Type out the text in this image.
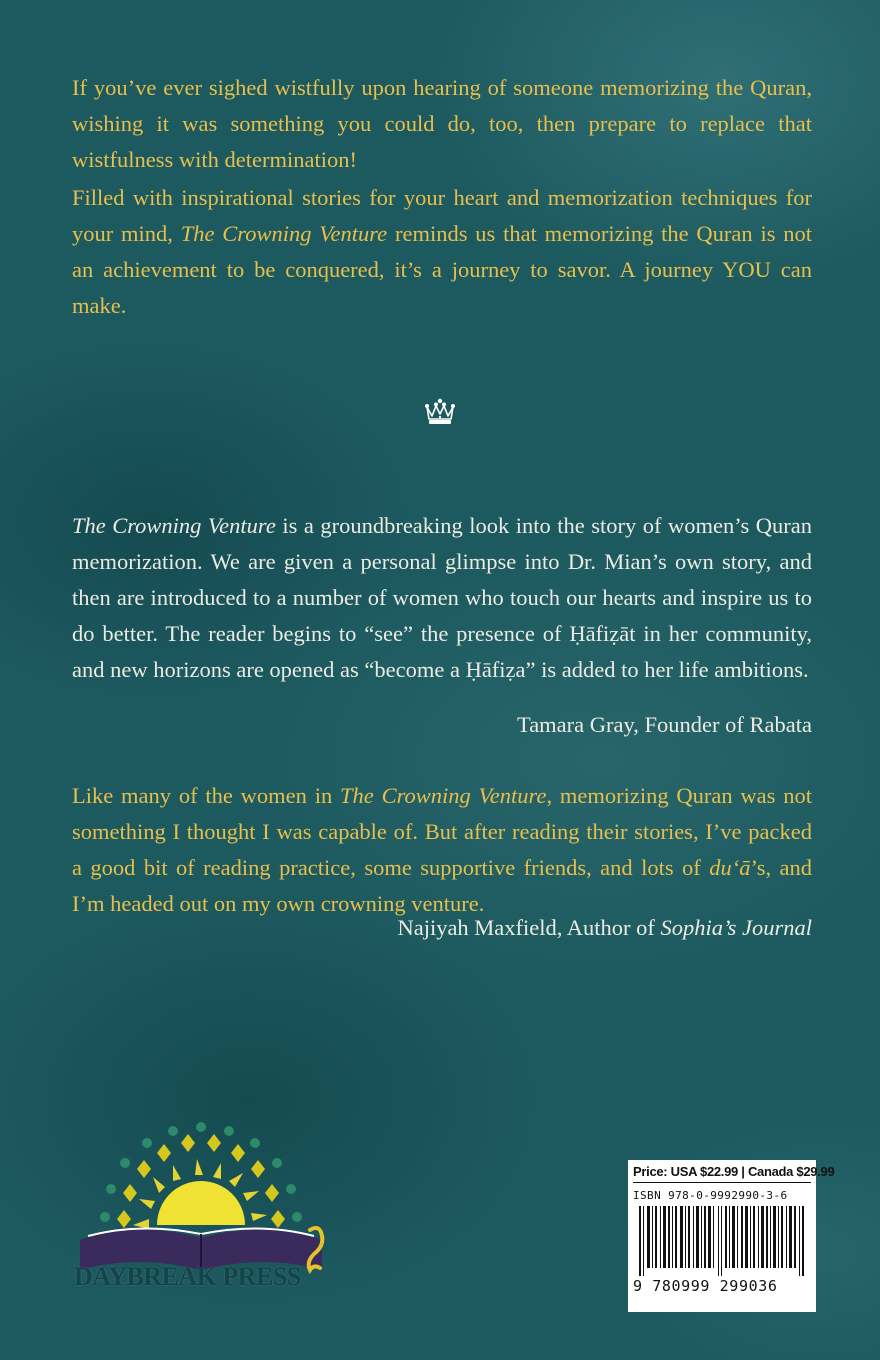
If you’ve ever sighed wistfully upon hearing of someone memorizing the Quran, wishing it was something you could do, too, then prepare to replace that wistfulness with determination!

Filled with inspirational stories for your heart and memorization techniques for your mind, The Crowning Venture reminds us that memorizing the Quran is not an achievement to be conquered, it’s a journey to savor. A journey YOU can make.

The Crowning Venture is a groundbreaking look into the story of women’s Quran memorization. We are given a personal glimpse into Dr. Mian’s own story, and then are introduced to a number of women who touch our hearts and inspire us to do better. The reader begins to “see” the presence of Ḥāfiẓāt in her community, and new horizons are opened as “become a Ḥāfiẓa” is added to her life ambitions.

Tamara Gray, Founder of Rabata

Like many of the women in The Crowning Venture, memorizing Quran was not something I thought I was capable of. But after reading their stories, I’ve packed a good bit of reading practice, some supportive friends, and lots of du‘ā’s, and I’m headed out on my own crowning venture.

Najiyah Maxfield, Author of Sophia’s Journal

DAYBREAK PRESS
Price: USA $22.99 | Canada $29.99
ISBN 978-0-9992990-3-6
9 780999 299036
